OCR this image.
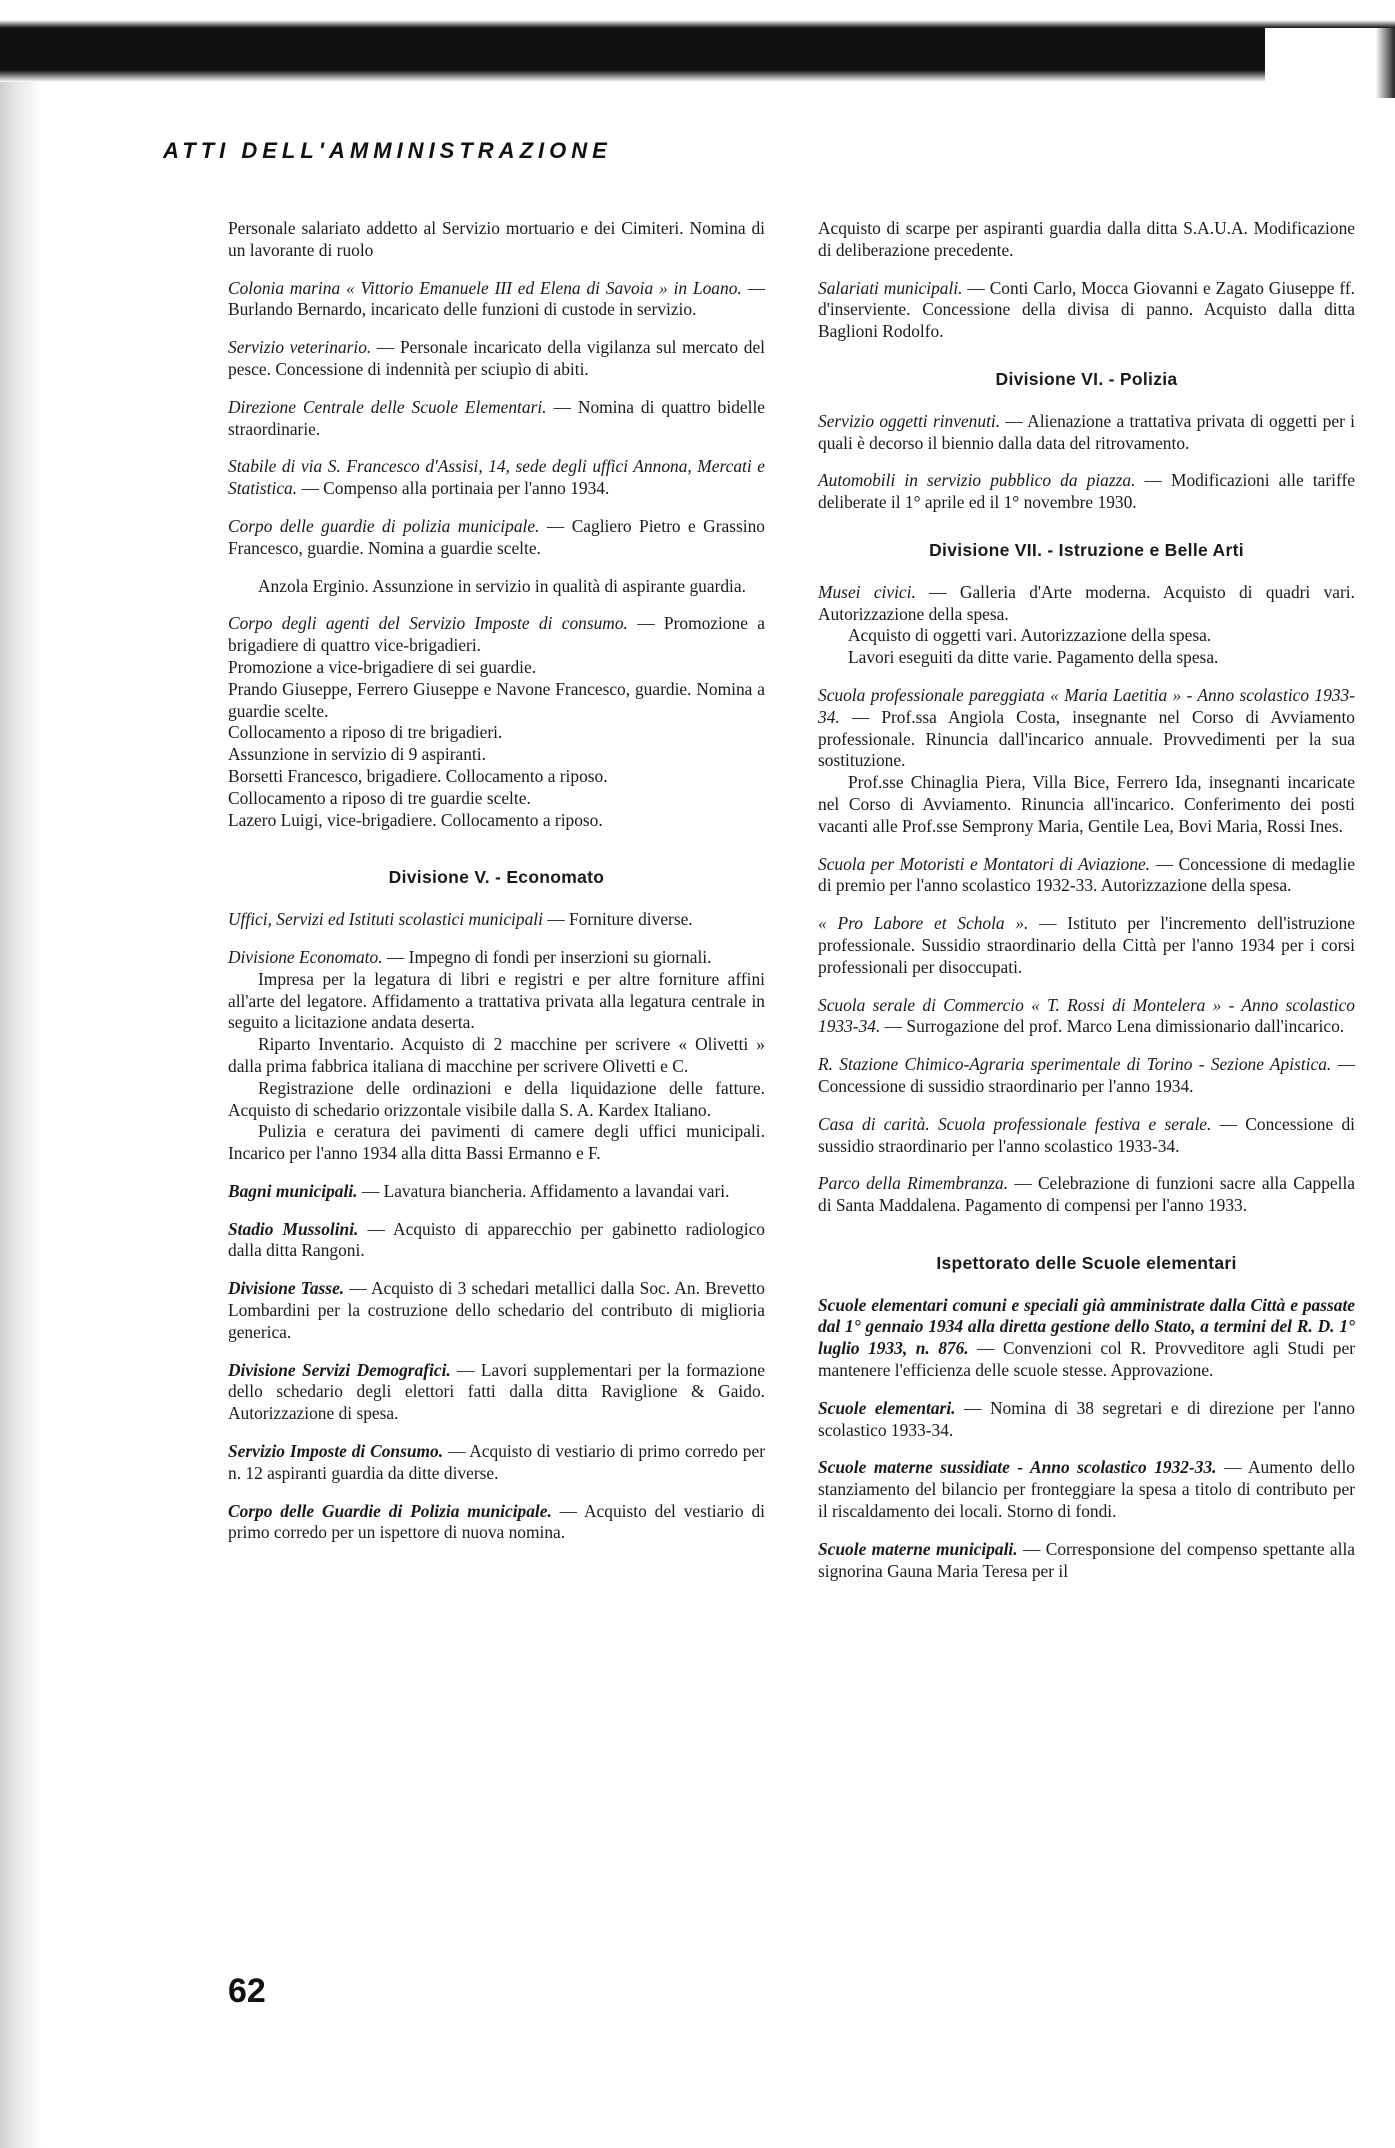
ATTI DELL'AMMINISTRAZIONE

Personale salariato addetto al Servizio mortuario e dei Cimiteri. Nomina di un lavorante di ruolo

Colonia marina « Vittorio Emanuele III ed Elena di Savoia » in Loano. — Burlando Bernardo, incaricato delle funzioni di custode in servizio.

Servizio veterinario. — Personale incaricato della vigilanza sul mercato del pesce. Concessione di indennità per sciupìo di abiti.

Direzione Centrale delle Scuole Elementari. — Nomina di quattro bidelle straordinarie.

Stabile di via S. Francesco d'Assisi, 14, sede degli uffici Annona, Mercati e Statistica. — Compenso alla portinaia per l'anno 1934.

Corpo delle guardie di polizia municipale. — Cagliero Pietro e Grassino Francesco, guardie. Nomina a guardie scelte.

Anzola Erginio. Assunzione in servizio in qualità di aspirante guardia.

Corpo degli agenti del Servizio Imposte di consumo. — Promozione a brigadiere di quattro vice-brigadieri.

Promozione a vice-brigadiere di sei guardie.

Prando Giuseppe, Ferrero Giuseppe e Navone Francesco, guardie. Nomina a guardie scelte.

Collocamento a riposo di tre brigadieri.

Assunzione in servizio di 9 aspiranti.

Borsetti Francesco, brigadiere. Collocamento a riposo.

Collocamento a riposo di tre guardie scelte.

Lazero Luigi, vice-brigadiere. Collocamento a riposo.

Divisione V. - Economato

Uffici, Servizi ed Istituti scolastici municipali — Forniture diverse.

Divisione Economato. — Impegno di fondi per inserzioni su giornali.

Impresa per la legatura di libri e registri e per altre forniture affini all'arte del legatore. Affidamento a trattativa privata alla legatura centrale in seguito a licitazione andata deserta.

Riparto Inventario. Acquisto di 2 macchine per scrivere « Olivetti » dalla prima fabbrica italiana di macchine per scrivere Olivetti e C.

Registrazione delle ordinazioni e della liquidazione delle fatture. Acquisto di schedario orizzontale visibile dalla S. A. Kardex Italiano.

Pulizia e ceratura dei pavimenti di camere degli uffici municipali. Incarico per l'anno 1934 alla ditta Bassi Ermanno e F.

Bagni municipali. — Lavatura biancheria. Affidamento a lavandai vari.

Stadio Mussolini. — Acquisto di apparecchio per gabinetto radiologico dalla ditta Rangoni.

Divisione Tasse. — Acquisto di 3 schedari metallici dalla Soc. An. Brevetto Lombardini per la costruzione dello schedario del contributo di miglioria generica.

Divisione Servizi Demografici. — Lavori supplementari per la formazione dello schedario degli elettori fatti dalla ditta Raviglione & Gaido. Autorizzazione di spesa.

Servizio Imposte di Consumo. — Acquisto di vestiario di primo corredo per n. 12 aspiranti guardia da ditte diverse.

Corpo delle Guardie di Polizia municipale. — Acquisto del vestiario di primo corredo per un ispettore di nuova nomina.

Acquisto di scarpe per aspiranti guardia dalla ditta S.A.U.A. Modificazione di deliberazione precedente.

Salariati municipali. — Conti Carlo, Mocca Giovanni e Zagato Giuseppe ff. d'inserviente. Concessione della divisa di panno. Acquisto dalla ditta Baglioni Rodolfo.

Divisione VI. - Polizia

Servizio oggetti rinvenuti. — Alienazione a trattativa privata di oggetti per i quali è decorso il biennio dalla data del ritrovamento.

Automobili in servizio pubblico da piazza. — Modificazioni alle tariffe deliberate il 1° aprile ed il 1° novembre 1930.

Divisione VII. - Istruzione e Belle Arti

Musei civici. — Galleria d'Arte moderna. Acquisto di quadri vari. Autorizzazione della spesa.

Acquisto di oggetti vari. Autorizzazione della spesa.

Lavori eseguiti da ditte varie. Pagamento della spesa.

Scuola professionale pareggiata « Maria Laetitia » - Anno scolastico 1933-34. — Prof.ssa Angiola Costa, insegnante nel Corso di Avviamento professionale. Rinuncia dall'incarico annuale. Provvedimenti per la sua sostituzione.

Prof.sse Chinaglia Piera, Villa Bice, Ferrero Ida, insegnanti incaricate nel Corso di Avviamento. Rinuncia all'incarico. Conferimento dei posti vacanti alle Prof.sse Semprony Maria, Gentile Lea, Bovi Maria, Rossi Ines.

Scuola per Motoristi e Montatori di Aviazione. — Concessione di medaglie di premio per l'anno scolastico 1932-33. Autorizzazione della spesa.

« Pro Labore et Schola ». — Istituto per l'incremento dell'istruzione professionale. Sussidio straordinario della Città per l'anno 1934 per i corsi professionali per disoccupati.

Scuola serale di Commercio « T. Rossi di Montelera » - Anno scolastico 1933-34. — Surrogazione del prof. Marco Lena dimissionario dall'incarico.

R. Stazione Chimico-Agraria sperimentale di Torino - Sezione Apistica. — Concessione di sussidio straordinario per l'anno 1934.

Casa di carità. Scuola professionale festiva e serale. — Concessione di sussidio straordinario per l'anno scolastico 1933-34.

Parco della Rimembranza. — Celebrazione di funzioni sacre alla Cappella di Santa Maddalena. Pagamento di compensi per l'anno 1933.

Ispettorato delle Scuole elementari

Scuole elementari comuni e speciali già amministrate dalla Città e passate dal 1° gennaio 1934 alla diretta gestione dello Stato, a termini del R. D. 1° luglio 1933, n. 876. — Convenzioni col R. Provveditore agli Studi per mantenere l'efficienza delle scuole stesse. Approvazione.

Scuole elementari. — Nomina di 38 segretari e di direzione per l'anno scolastico 1933-34.

Scuole materne sussidiate - Anno scolastico 1932-33. — Aumento dello stanziamento del bilancio per fronteggiare la spesa a titolo di contributo per il riscaldamento dei locali. Storno di fondi.

Scuole materne municipali. — Corresponsione del compenso spettante alla signorina Gauna Maria Teresa per il

62
